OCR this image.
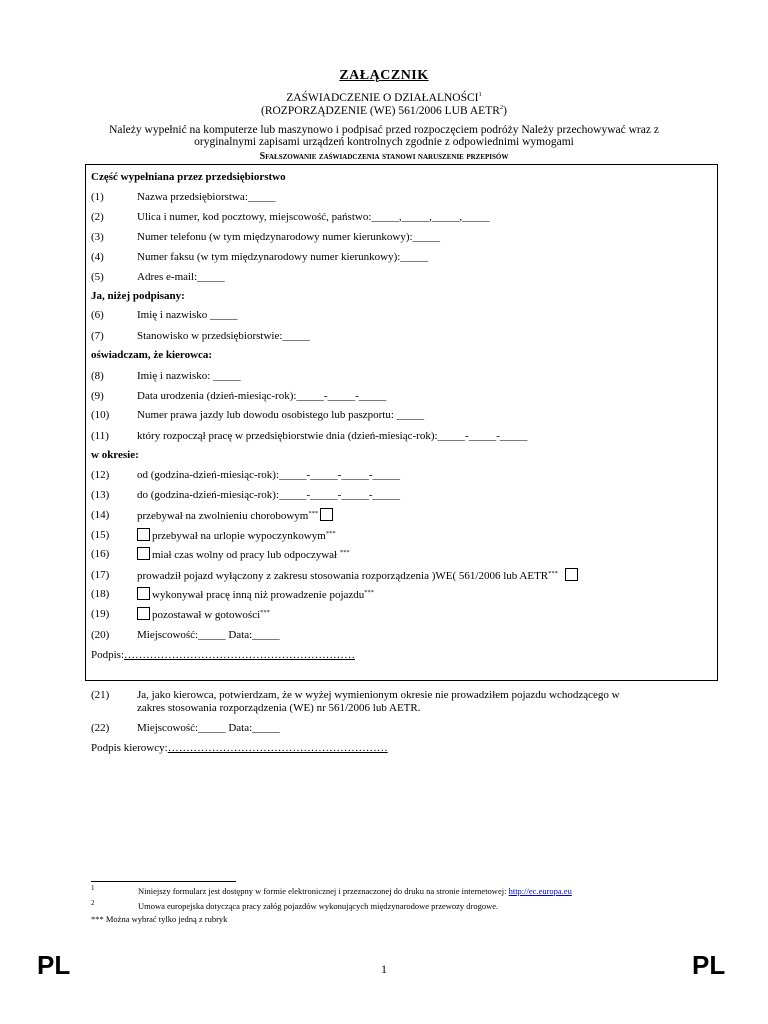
ZAŁĄCZNIK
ZAŚWIADCZENIE O DZIAŁALNOŚCI$^1$
(ROZPORZĄDZENIE (WE) 561/2006 LUB AETR$^2$)
Należy wypełnić na komputerze lub maszynowo i podpisać przed rozpoczęciem podróży Należy przechowywać wraz z oryginalnymi zapisami urządzeń kontrolnych zgodnie z odpowiednimi wymogami
Sfałszowanie zaświadczenia stanowi naruszenie przepisów
Część wypełniana przez przedsiębiorstwo
(1)	Nazwa przedsiębiorstwa:_____
(2)	Ulica i numer, kod pocztowy, miejscowość, państwo:_____,_____,_____,_____
(3)	Numer telefonu (w tym międzynarodowy numer kierunkowy):_____
(4)	Numer faksu (w tym międzynarodowy numer kierunkowy):_____
(5)	Adres e-mail:_____
Ja, niżej podpisany:
(6)	Imię i nazwisko _____
(7)	Stanowisko w przedsiębiorstwie:_____
oświadczam, że kierowca:
(8)	Imię i nazwisko: _____
(9)	Data urodzenia (dzień-miesiąc-rok):_____-_____-_____
(10)	Numer prawa jazdy lub dowodu osobistego lub paszportu: _____
(11)	który rozpoczął pracę w przedsiębiorstwie dnia (dzień-miesiąc-rok):_____-_____-_____
w okresie:
(12)	od (godzina-dzień-miesiąc-rok):_____-_____-_____-_____
(13)	do (godzina-dzień-miesiąc-rok):_____-_____-_____-_____
(14)	przebywał na zwolnieniu chorobowym***
(15)	przebywał na urlopie wypoczynkowym***
(16)	miał czas wolny od pracy lub odpoczywał ***
(17)	prowadził pojazd wyłączony z zakresu stosowania rozporządzenia )WE( 561/2006 lub AETR***
(18)	wykonywał pracę inną niż prowadzenie pojazdu***
(19)	pozostawał w gotowości***
(20)	Miejscowość:_____ Data:_____
Podpis:………………………………………………………
(21)	Ja, jako kierowca, potwierdzam, że w wyżej wymienionym okresie nie prowadziłem pojazdu wchodzącego w
zakres stosowania rozporządzenia (WE) nr 561/2006 lub AETR.
(22)	Miejscowość:_____ Data:_____
Podpis kierowcy:……………………………………………………
1	Niniejszy formularz jest dostępny w formie elektronicznej i przeznaczonej do druku na stronie internetowej: http://ec.europa.eu
2	Umowa europejska dotycząca pracy załóg pojazdów wykonujących międzynarodowe przewozy drogowe.
*** Można wybrać tylko jedną z rubryk
PL	PL
1
